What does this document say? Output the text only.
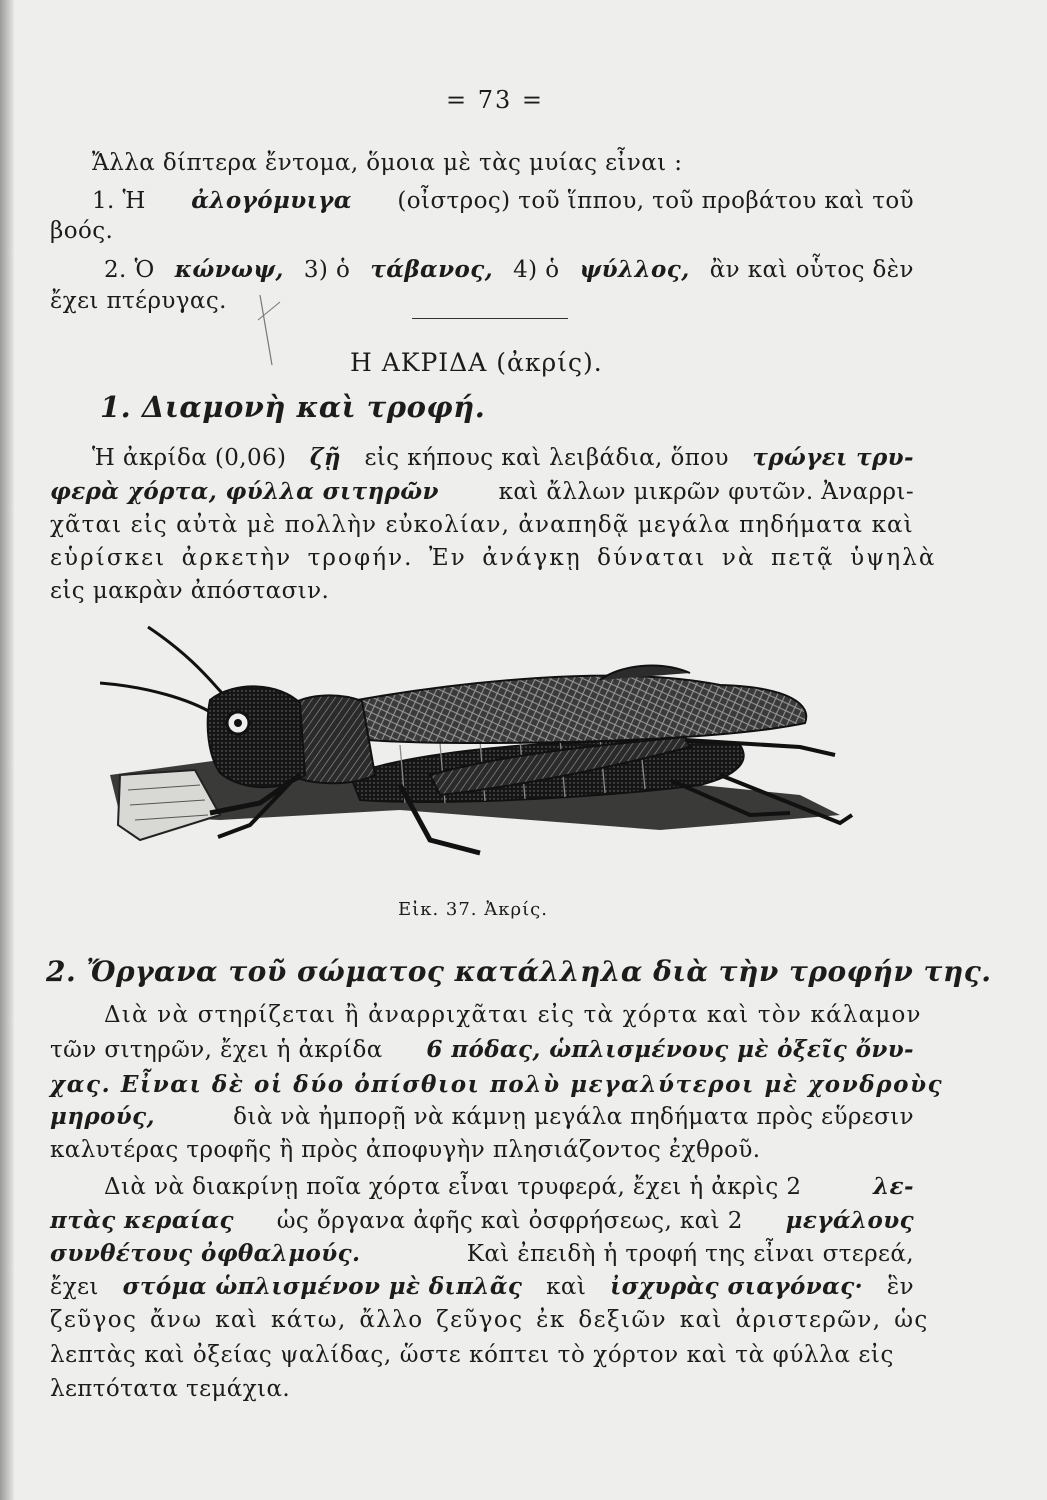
= 73 =
Ἄλλα δίπτερα ἔντομα, ὅμοια μὲ τὰς μυίας εἶναι :
1. Ἡ ἀλογόμυιγα (οἶστρος) τοῦ ἵππου, τοῦ προβάτου καὶ τοῦ
βοός.
2. Ὁ κώνωψ, 3) ὁ τάβανος, 4) ὁ ψύλλος, ἂν καὶ οὗτος δὲν
ἔχει πτέρυγας.
Η ΑΚΡΙΔΑ (ἀκρίς).
1. Διαμονὴ καὶ τροφή.
Ἡ ἀκρίδα (0,06) ζῇ εἰς κήπους καὶ λειβάδια, ὅπου τρώγει τρυ-
φερὰ χόρτα, φύλλα σιτηρῶν	καὶ ἄλλων μικρῶν φυτῶν. Ἀναρρι-
χᾶται εἰς αὐτὰ μὲ πολλὴν εὐκολίαν, ἀναπηδᾷ μεγάλα πηδήματα καὶ
εὑρίσκει ἀρκετὴν τροφήν. Ἐν ἀνάγκῃ δύναται νὰ πετᾷ ὑψηλὰ
εἰς μακρὰν ἀπόστασιν.
Εἰκ. 37. Ἀκρίς.
2. Ὄργανα τοῦ σώματος κατάλληλα διὰ τὴν τροφήν της.
Διὰ νὰ στηρίζεται ἢ ἀναρριχᾶται εἰς τὰ χόρτα καὶ τὸν κάλαμον
τῶν σιτηρῶν, ἔχει ἡ ἀκρίδα 6 πόδας, ὡπλισμένους μὲ ὀξεῖς ὄνυ-
χας. Εἶναι δὲ οἱ δύο ὀπίσθιοι πολὺ μεγαλύτεροι μὲ χονδροὺς
μηρούς,	διὰ νὰ ἠμπορῇ νὰ κάμνῃ μεγάλα πηδήματα πρὸς εὕρεσιν
καλυτέρας τροφῆς ἢ πρὸς ἀποφυγὴν πλησιάζοντος ἐχθροῦ.
Διὰ νὰ διακρίνῃ ποῖα χόρτα εἶναι τρυφερά, ἔχει ἡ ἀκρὶς 2	λε-
πτὰς κεραίας ὡς ὄργανα ἀφῆς καὶ ὀσφρήσεως, καὶ 2 μεγάλους
συνθέτους ὀφθαλμούς.	Καὶ ἐπειδὴ ἡ τροφή της εἶναι στερεά,
ἔχει στόμα ὡπλισμένον μὲ διπλᾶς καὶ ἰσχυρὰς σιαγόνας· ἓν
ζεῦγος ἄνω καὶ κάτω, ἄλλο ζεῦγος ἐκ δεξιῶν καὶ ἀριστερῶν, ὡς
λεπτὰς καὶ ὀξείας ψαλίδας, ὥστε κόπτει τὸ χόρτον καὶ τὰ φύλλα εἰς
λεπτότατα τεμάχια.
